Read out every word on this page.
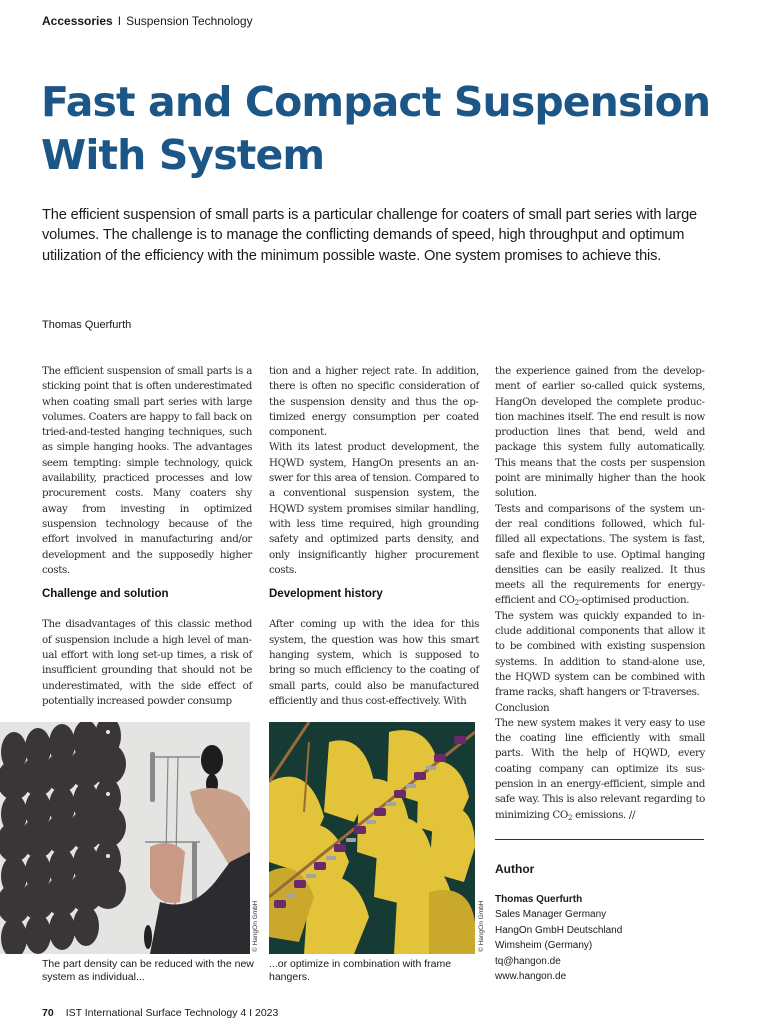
Accessories I Suspension Technology
Fast and Compact Suspension With System

The efficient suspension of small parts is a particular challenge for coaters of small part series with large volumes. The challenge is to manage the conflicting demands of speed, high throughput and optimum utilization of the efficiency with the minimum possible waste. One system promises to achieve this.

Thomas Querfurth

The efficient suspension of small parts is a sticking point that is often underestimated when coating small part series with large volumes. Coaters are happy to fall back on tried-and-tested hanging techniques, such as simple hanging hooks. The advantages seem tempting: simple technology, quick availability, practiced processes and low procurement costs. Many coaters shy away from investing in optimized suspension technology because of the effort involved in manufacturing and/or development and the supposedly higher costs.

Challenge and solution

The disadvantages of this classic method of suspension include a high level of manual effort with long set-up times, a risk of insufficient grounding that should not be underestimated, with the side effect of potentially increased powder consump

tion and a higher reject rate. In addition, there is often no specific consideration of the suspension density and thus the optimized energy consumption per coated component.

With its latest product development, the HQWD system, HangOn presents an answer for this area of tension. Compared to a conventional suspension system, the HQWD system promises similar handling, with less time required, high grounding safety and optimized parts density, and only insignificantly higher procurement costs.

Development history

After coming up with the idea for this system, the question was how this smart hanging system, which is supposed to bring so much efficiency to the coating of small parts, could also be manufactured efficiently and thus cost-effectively. With

the experience gained from the development of earlier so-called quick systems, HangOn developed the complete production machines itself. The end result is now production lines that bend, weld and package this system fully automatically. This means that the costs per suspension point are minimally higher than the hook solution.

Tests and comparisons of the system under real conditions followed, which fulfilled all expectations. The system is fast, safe and flexible to use. Optimal hanging densities can be easily realized. It thus meets all the requirements for energy-efficient and $CO_2$-optimised production.

The system was quickly expanded to include additional components that allow it to be combined with existing suspension systems. In addition to stand-alone use, the HQWD system can be combined with frame racks, shaft hangers or T-traverses.

Conclusion

The new system makes it very easy to use the coating line efficiently with small parts. With the help of HQWD, every coating company can optimize its suspension in an energy-efficient, simple and safe way. This is also relevant regarding to minimizing $CO_2$ emissions. //

© HangOn GmbH	© HangOn GmbH
The part density can be reduced with the new system as individual...
...or optimize in combination with frame hangers.
Author
Thomas Querfurth
Sales Manager Germany
HangOn GmbH Deutschland
Wimsheim (Germany)
tq@hangon.de
www.hangon.de
70 IST International Surface Technology 4 I 2023
